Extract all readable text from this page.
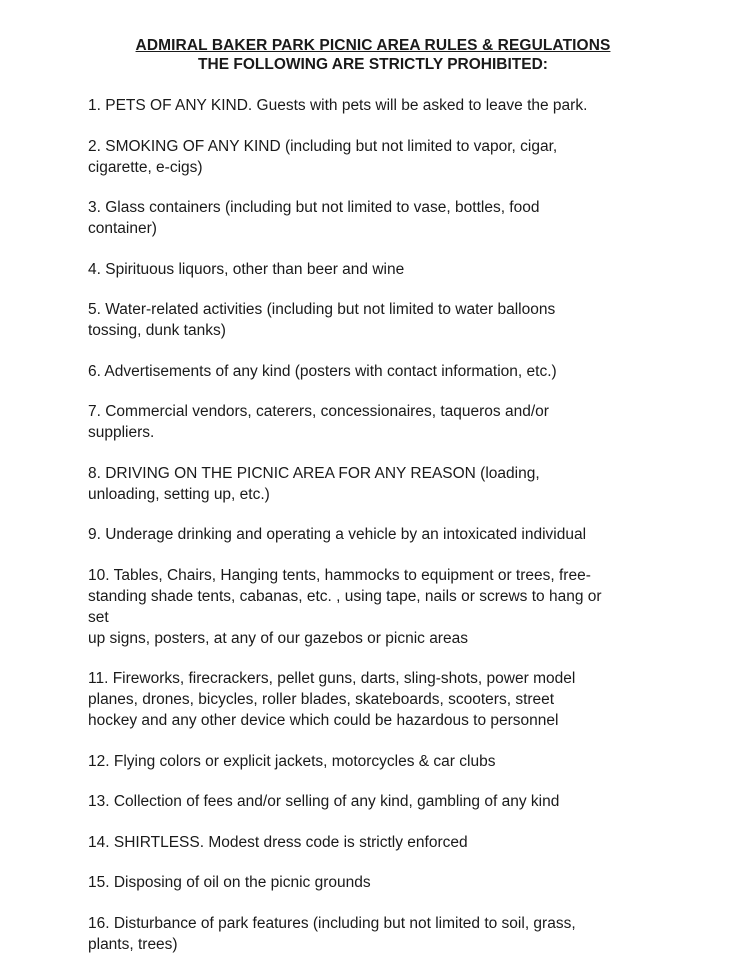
ADMIRAL BAKER PARK PICNIC AREA RULES & REGULATIONS
THE FOLLOWING ARE STRICTLY PROHIBITED:
1. PETS OF ANY KIND. Guests with pets will be asked to leave the park.
2. SMOKING OF ANY KIND (including but not limited to vapor, cigar,
cigarette, e-cigs)
3. Glass containers (including but not limited to vase, bottles, food
container)
4. Spirituous liquors, other than beer and wine
5. Water-related activities (including but not limited to water balloons
tossing, dunk tanks)
6. Advertisements of any kind (posters with contact information, etc.)
7. Commercial vendors, caterers, concessionaires, taqueros and/or
suppliers.
8. DRIVING ON THE PICNIC AREA FOR ANY REASON (loading,
unloading, setting up, etc.)
9. Underage drinking and operating a vehicle by an intoxicated individual
10. Tables, Chairs, Hanging tents, hammocks to equipment or trees, free-
standing shade tents, cabanas, etc. , using tape, nails or screws to hang or
set
up signs, posters, at any of our gazebos or picnic areas
11. Fireworks, firecrackers, pellet guns, darts, sling-shots, power model
planes, drones, bicycles, roller blades, skateboards, scooters, street
hockey and any other device which could be hazardous to personnel
12. Flying colors or explicit jackets, motorcycles & car clubs
13. Collection of fees and/or selling of any kind, gambling of any kind
14. SHIRTLESS. Modest dress code is strictly enforced
15. Disposing of oil on the picnic grounds
16. Disturbance of park features (including but not limited to soil, grass,
plants, trees)
